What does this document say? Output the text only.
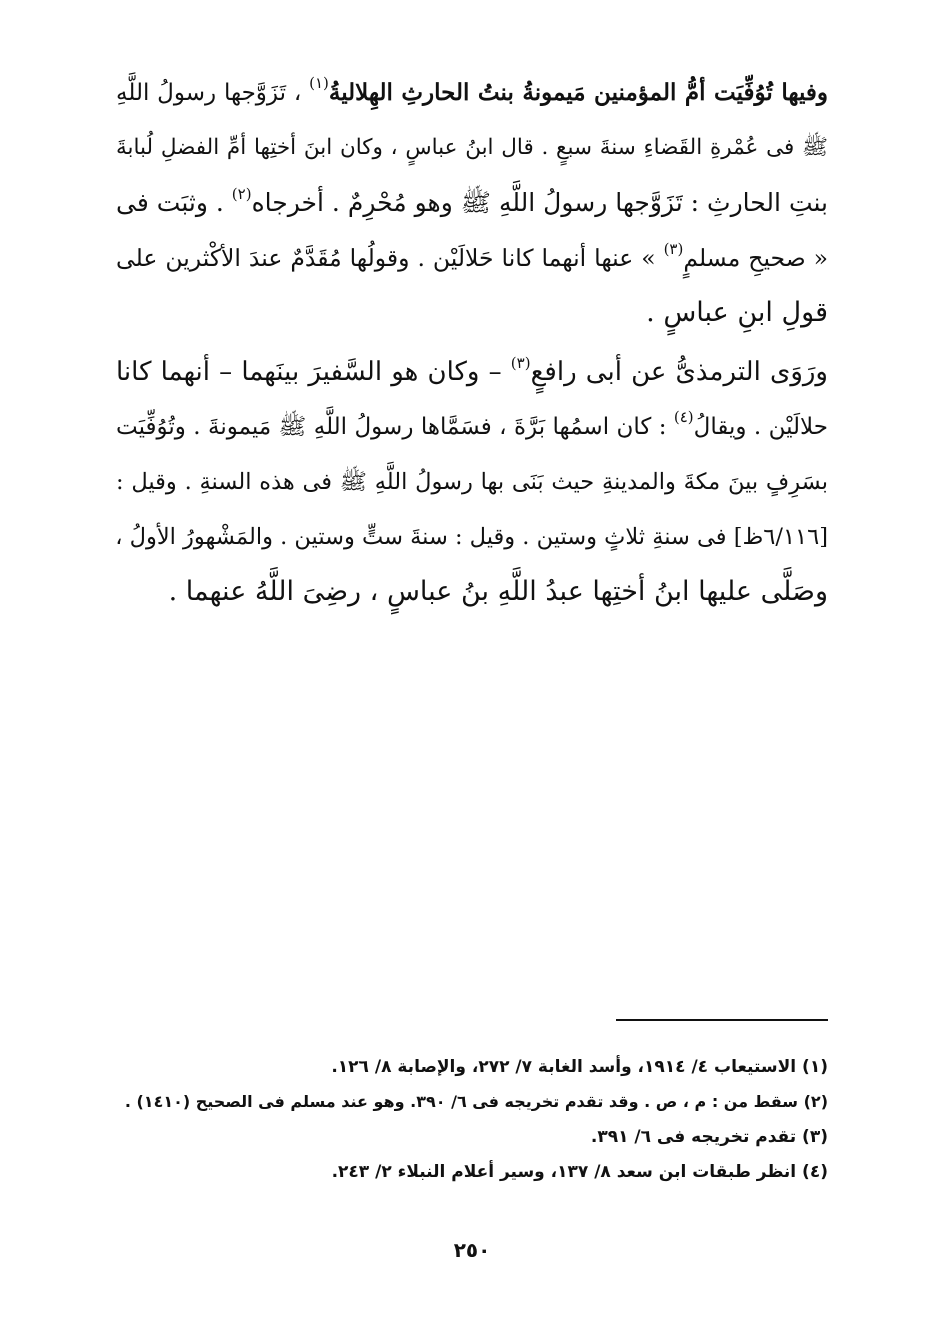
وفيها تُوُفِّيَت أمُّ المؤمنين مَيمونةُ بنتُ الحارثِ الهِلاليةُ$^{(١)}$ ، تَزَوَّجها رسولُ اللَّهِ
ﷺ فى عُمْرةِ القَضاءِ سنةَ سبعٍ . قال ابنُ عباسٍ ، وكان ابنَ أختِها أمِّ الفضلِ لُبابةَ
بنتِ الحارثِ : تَزَوَّجها رسولُ اللَّهِ ﷺ وهو مُحْرِمٌ . أخرجاه$^{(٢)}$ . وثبَت فى
« صحيحِ مسلمٍ$^{(٣)}$ » عنها أنهما كانا حَلالَيْن . وقولُها مُقَدَّمٌ عندَ الأكْثرين على
قولِ ابنِ عباسٍ .
ورَوَى الترمذىُّ عن أبى رافعٍ$^{(٣)}$ – وكان هو السَّفيرَ بينَهما – أنهما كانا
حلالَيْن . ويقالُ$^{(٤)}$ : كان اسمُها بَرَّةَ ، فسَمَّاها رسولُ اللَّهِ ﷺ مَيمونةَ . وتُوُفِّيَت
بسَرِفٍ بينَ مكةَ والمدينةِ حيث بَنَى بها رسولُ اللَّهِ ﷺ فى هذه السنةِ . وقيل :
[٦/١١٦ظ] فى سنةِ ثلاثٍ وستين . وقيل : سنةَ ستٍّ وستين . والمَشْهورُ الأولُ ،
وصَلَّى عليها ابنُ أختِها عبدُ اللَّهِ بنُ عباسٍ ، رضِىَ اللَّهُ عنهما .
(١) الاستيعاب ٤/ ١٩١٤، وأسد الغابة ٧/ ٢٧٢، والإصابة ٨/ ١٢٦.
(٢) سقط من : م ، ص . وقد تقدم تخريجه فى ٦/ ٣٩٠. وهو عند مسلم فى الصحيح (١٤١٠) .
(٣) تقدم تخريجه فى ٦/ ٣٩١.
(٤) انظر طبقات ابن سعد ٨/ ١٣٧، وسير أعلام النبلاء ٢/ ٢٤٣.
٢٥٠
